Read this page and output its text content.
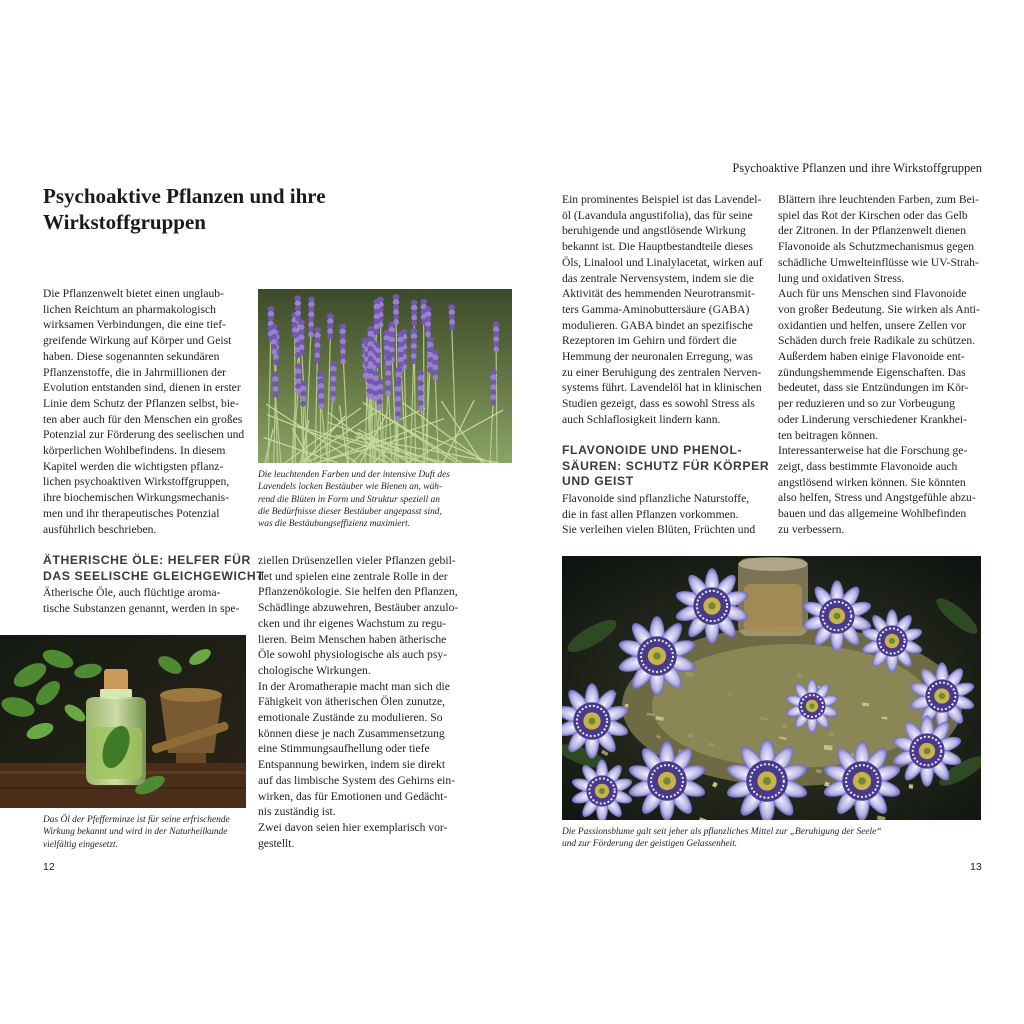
Psychoaktive Pflanzen und ihre Wirkstoffgruppen
Psychoaktive Pflanzen und ihre Wirkstoffgruppen
Die Pflanzenwelt bietet einen unglaub-
lichen Reichtum an pharmakologisch
wirksamen Verbindungen, die eine tief-
greifende Wirkung auf Körper und Geist
haben. Diese sogenannten sekundären
Pflanzenstoffe, die in Jahrmillionen der
Evolution entstanden sind, dienen in erster
Linie dem Schutz der Pflanzen selbst, bie-
ten aber auch für den Menschen ein großes
Potenzial zur Förderung des seelischen und
körperlichen Wohlbefindens. In diesem
Kapitel werden die wichtigsten pflanz-
lichen psychoaktiven Wirkstoffgruppen,
ihre biochemischen Wirkungsmechanis-
men und ihr therapeutisches Potenzial
ausführlich beschrieben.
Die leuchtenden Farben und der intensive Duft des
Lavendels locken Bestäuber wie Bienen an, wäh-
rend die Blüten in Form und Struktur speziell an
die Bedürfnisse dieser Bestäuber angepasst sind,
was die Bestäubungseffizienz maximiert.
ÄTHERISCHE ÖLE: HELFER FÜR
DAS SEELISCHE GLEICHGEWICHT
Ätherische Öle, auch flüchtige aroma-
tische Substanzen genannt, werden in spe-
Das Öl der Pfefferminze ist für seine erfrischende
Wirkung bekannt und wird in der Naturheilkunde
vielfältig eingesetzt.
ziellen Drüsenzellen vieler Pflanzen gebil-
det und spielen eine zentrale Rolle in der
Pflanzenökologie. Sie helfen den Pflanzen,
Schädlinge abzuwehren, Bestäuber anzulo-
cken und ihr eigenes Wachstum zu regu-
lieren. Beim Menschen haben ätherische
Öle sowohl physiologische als auch psy-
chologische Wirkungen.
In der Aromatherapie macht man sich die
Fähigkeit von ätherischen Ölen zunutze,
emotionale Zustände zu modulieren. So
können diese je nach Zusammensetzung
eine Stimmungsaufhellung oder tiefe
Entspannung bewirken, indem sie direkt
auf das limbische System des Gehirns ein-
wirken, das für Emotionen und Gedächt-
nis zuständig ist.
Zwei davon seien hier exemplarisch vor-
gestellt.
Ein prominentes Beispiel ist das Lavendel-
öl (Lavandula angustifolia), das für seine
beruhigende und angstlösende Wirkung
bekannt ist. Die Hauptbestandteile dieses
Öls, Linalool und Linalylacetat, wirken auf
das zentrale Nervensystem, indem sie die
Aktivität des hemmenden Neurotransmit-
ters Gamma-Aminobuttersäure (GABA)
modulieren. GABA bindet an spezifische
Rezeptoren im Gehirn und fördert die
Hemmung der neuronalen Erregung, was
zu einer Beruhigung des zentralen Nerven-
systems führt. Lavendelöl hat in klinischen
Studien gezeigt, dass es sowohl Stress als
auch Schlaflosigkeit lindern kann.
FLAVONOIDE UND PHENOL-
SÄUREN: SCHUTZ FÜR KÖRPER
UND GEIST
Flavonoide sind pflanzliche Naturstoffe,
die in fast allen Pflanzen vorkommen.
Sie verleihen vielen Blüten, Früchten und
Blättern ihre leuchtenden Farben, zum Bei-
spiel das Rot der Kirschen oder das Gelb
der Zitronen. In der Pflanzenwelt dienen
Flavonoide als Schutzmechanismus gegen
schädliche Umwelteinflüsse wie UV-Strah-
lung und oxidativen Stress.
Auch für uns Menschen sind Flavonoide
von großer Bedeutung. Sie wirken als Anti-
oxidantien und helfen, unsere Zellen vor
Schäden durch freie Radikale zu schützen.
Außerdem haben einige Flavonoide ent-
zündungshemmende Eigenschaften. Das
bedeutet, dass sie Entzündungen im Kör-
per reduzieren und so zur Vorbeugung
oder Linderung verschiedener Krankhei-
ten beitragen können.
Interessanterweise hat die Forschung ge-
zeigt, dass bestimmte Flavonoide auch
angstlösend wirken können. Sie könnten
also helfen, Stress und Angstgefühle abzu-
bauen und das allgemeine Wohlbefinden
zu verbessern.
Die Passionsblume galt seit jeher als pflanzliches Mittel zur „Beruhigung der Seele“
und zur Förderung der geistigen Gelassenheit.
12	13
